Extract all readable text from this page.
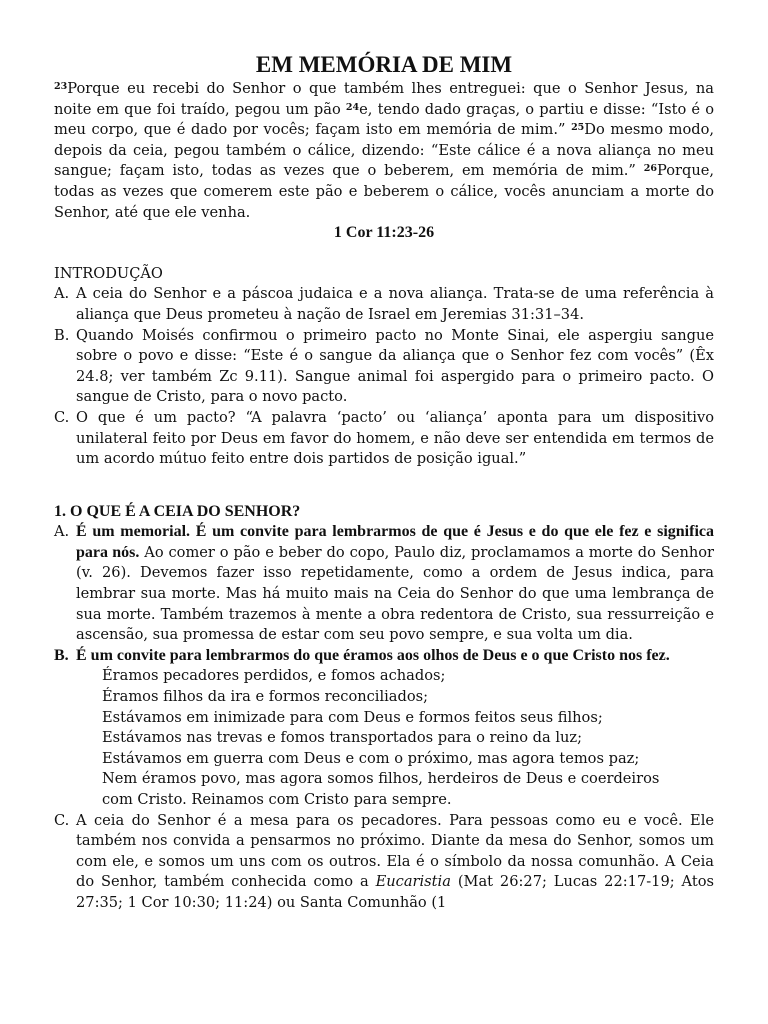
EM MEMÓRIA DE MIM
$^{23}$Porque eu recebi do Senhor o que também lhes entreguei: que o Senhor Jesus, na noite em que foi traído, pegou um pão $^{24}$e, tendo dado graças, o partiu e disse: “Isto é o meu corpo, que é dado por vocês; façam isto em memória de mim.” $^{25}$Do mesmo modo, depois da ceia, pegou também o cálice, dizendo: “Este cálice é a nova aliança no meu sangue; façam isto, todas as vezes que o beberem, em memória de mim.” $^{26}$Porque, todas as vezes que comerem este pão e beberem o cálice, vocês anunciam a morte do Senhor, até que ele venha.
1 Cor 11:23-26
INTRODUÇÃO
A. A ceia do Senhor e a páscoa judaica e a nova aliança. Trata-se de uma referência à aliança que Deus prometeu à nação de Israel em Jeremias 31:31–34.
B. Quando Moisés confirmou o primeiro pacto no Monte Sinai, ele aspergiu sangue sobre o povo e disse: “Este é o sangue da aliança que o Senhor fez com vocês” (Êx 24.8; ver também Zc 9.11). Sangue animal foi aspergido para o primeiro pacto. O sangue de Cristo, para o novo pacto.
C. O que é um pacto? “A palavra ‘pacto’ ou ‘aliança’ aponta para um dispositivo unilateral feito por Deus em favor do homem, e não deve ser entendida em termos de um acordo mútuo feito entre dois partidos de posição igual.”
1. O QUE É A CEIA DO SENHOR?
A. É um memorial. É um convite para lembrarmos de que é Jesus e do que ele fez e significa para nós. Ao comer o pão e beber do copo, Paulo diz, proclamamos a morte do Senhor (v. 26). Devemos fazer isso repetidamente, como a ordem de Jesus indica, para lembrar sua morte. Mas há muito mais na Ceia do Senhor do que uma lembrança de sua morte. Também trazemos à mente a obra redentora de Cristo, sua ressurreição e ascensão, sua promessa de estar com seu povo sempre, e sua volta um dia.
B. É um convite para lembrarmos do que éramos aos olhos de Deus e o que Cristo nos fez.
Éramos pecadores perdidos, e fomos achados;
Éramos filhos da ira e formos reconciliados;
Estávamos em inimizade para com Deus e formos feitos seus filhos;
Estávamos nas trevas e fomos transportados para o reino da luz;
Estávamos em guerra com Deus e com o próximo, mas agora temos paz;
Nem éramos povo, mas agora somos filhos, herdeiros de Deus e coerdeiros
com Cristo. Reinamos com Cristo para sempre.
C. A ceia do Senhor é a mesa para os pecadores. Para pessoas como eu e você. Ele também nos convida a pensarmos no próximo. Diante da mesa do Senhor, somos um com ele, e somos um uns com os outros. Ela é o símbolo da nossa comunhão. A Ceia do Senhor, também conhecida como a Eucaristia (Mat 26:27; Lucas 22:17-19; Atos 27:35; 1 Cor 10:30; 11:24) ou Santa Comunhão (1
